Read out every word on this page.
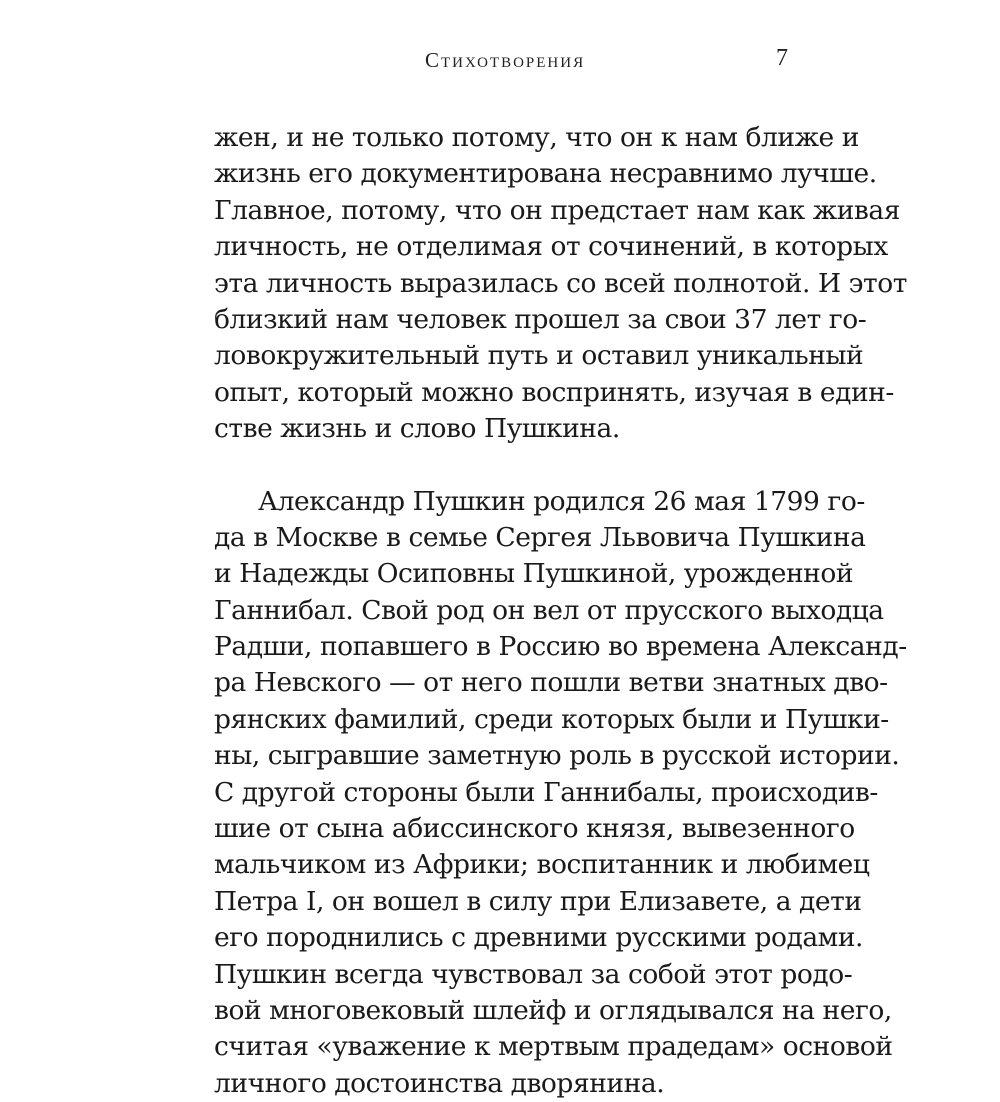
Стихотворения	7
жен, и не только потому, что он к нам ближе и
жизнь его документирована несравнимо лучше.
Главное, потому, что он предстает нам как живая
личность, не отделимая от сочинений, в которых
эта личность выразилась со всей полнотой. И этот
близкий нам человек прошел за свои 37 лет го-
ловокружительный путь и оставил уникальный
опыт, который можно воспринять, изучая в един-
стве жизнь и слово Пушкина.
Александр Пушкин родился 26 мая 1799 го-
да в Москве в семье Сергея Львовича Пушкина
и Надежды Осиповны Пушкиной, урожденной
Ганнибал. Свой род он вел от прусского выходца
Радши, попавшего в Россию во времена Александ-
ра Невского — от него пошли ветви знатных дво-
рянских фамилий, среди которых были и Пушки-
ны, сыгравшие заметную роль в русской истории.
С другой стороны были Ганнибалы, происходив-
шие от сына абиссинского князя, вывезенного
мальчиком из Африки; воспитанник и любимец
Петра I, он вошел в силу при Елизавете, а дети
его породнились с древними русскими родами.
Пушкин всегда чувствовал за собой этот родо-
вой многовековый шлейф и оглядывался на него,
считая «уважение к мертвым прадедам» основой
личного достоинства дворянина.
